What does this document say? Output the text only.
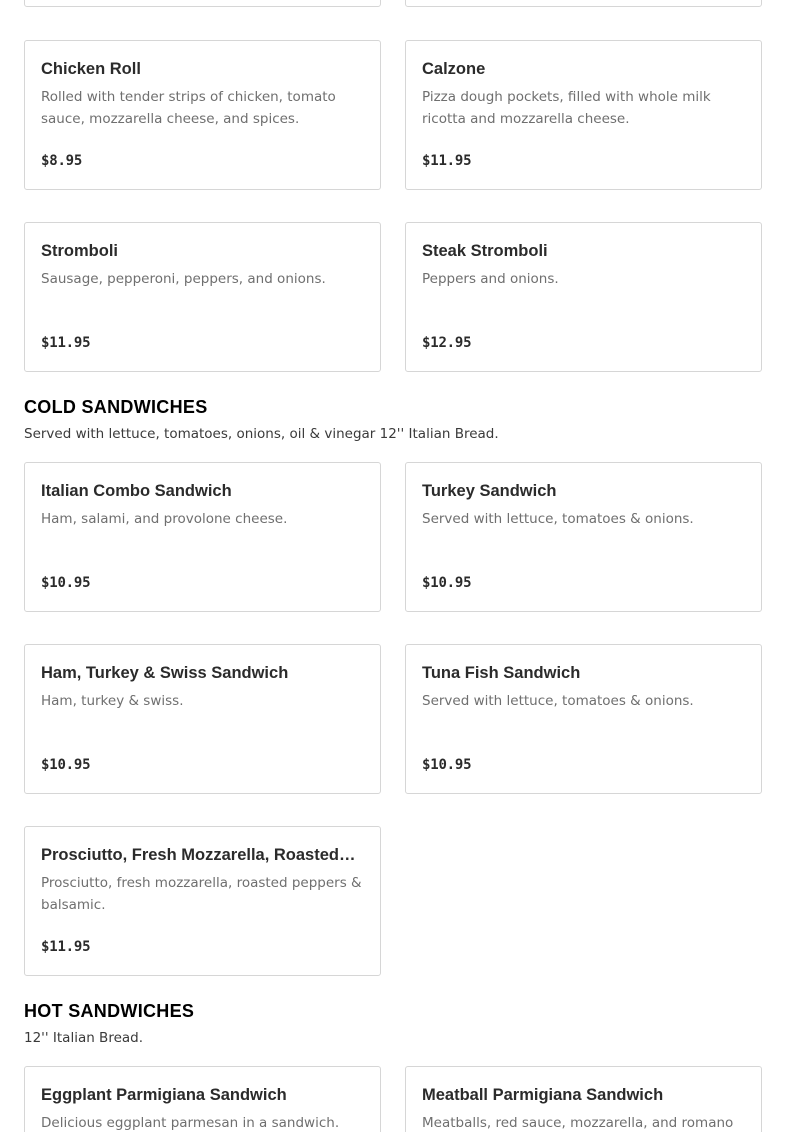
Chicken Roll
Rolled with tender strips of chicken, tomato sauce, mozzarella cheese, and spices.
$8.95
Calzone
Pizza dough pockets, filled with whole milk ricotta and mozzarella cheese.
$11.95
Stromboli
Sausage, pepperoni, peppers, and onions.
$11.95
Steak Stromboli
Peppers and onions.
$12.95
COLD SANDWICHES
Served with lettuce, tomatoes, onions, oil & vinegar 12'' Italian Bread.
Italian Combo Sandwich
Ham, salami, and provolone cheese.
$10.95
Turkey Sandwich
Served with lettuce, tomatoes & onions.
$10.95
Ham, Turkey & Swiss Sandwich
Ham, turkey & swiss.
$10.95
Tuna Fish Sandwich
Served with lettuce, tomatoes & onions.
$10.95
Prosciutto, Fresh Mozzarella, Roasted…
Prosciutto, fresh mozzarella, roasted peppers & balsamic.
$11.95
HOT SANDWICHES
12'' Italian Bread.
Eggplant Parmigiana Sandwich
Delicious eggplant parmesan in a sandwich.
Meatball Parmigiana Sandwich
Meatballs, red sauce, mozzarella, and romano
